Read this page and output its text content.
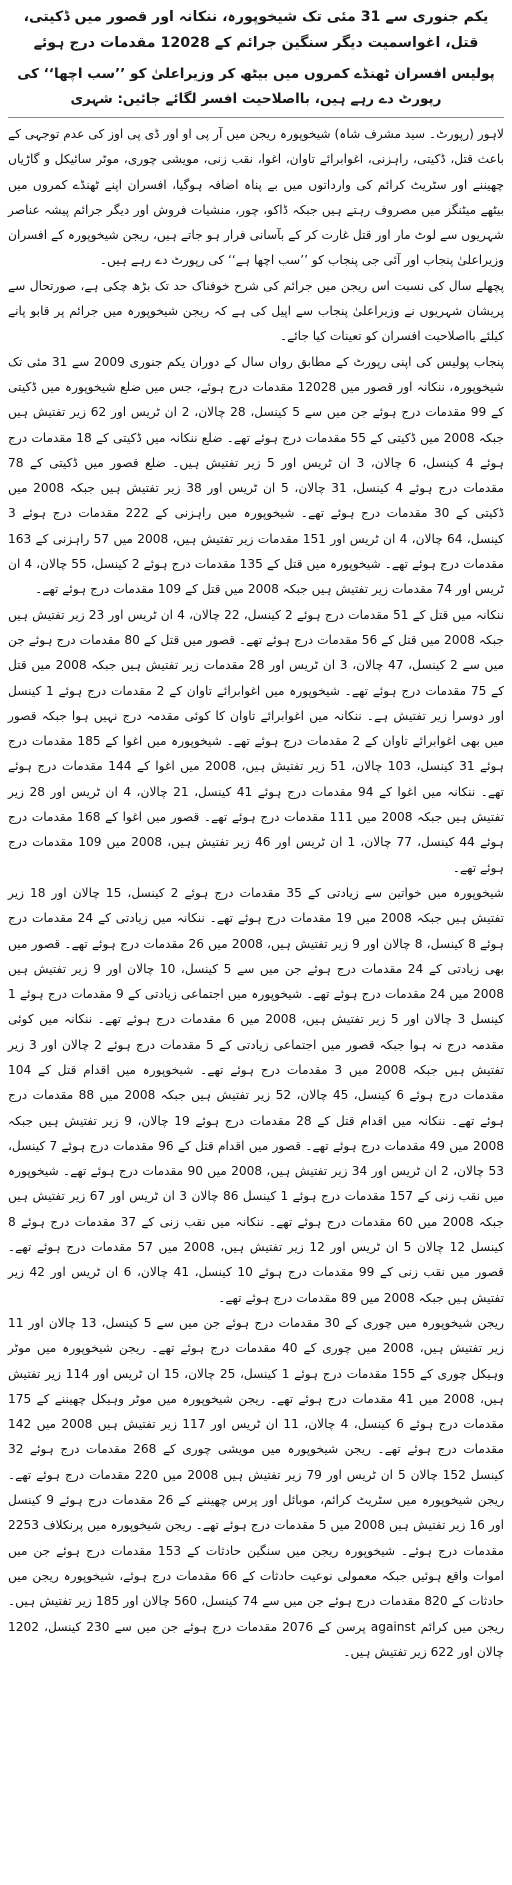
یکم جنوری سے 31 مئی تک شیخوپورہ، ننکانہ اور قصور میں ڈکیتی، قتل، اغواسمیت دیگر سنگین جرائم کے 12028 مقدمات درج ہوئے
پولیس افسران ٹھنڈے کمروں میں بیٹھ کر وزیراعلیٰ کو ’’سب اچھا‘‘ کی رپورٹ دے رہے ہیں، بااصلاحیت افسر لگائے جائیں: شہری

لاہور (رپورٹ۔ سید مشرف شاہ) شیخوپورہ ریجن میں آر پی او اور ڈی پی اوز کی عدم توجہی کے باعث قتل، ڈکیتی، راہزنی، اغوابرائے تاوان، اغوا، نقب زنی، مویشی چوری، موٹر سائیکل و گاڑیاں چھیننے اور سٹریٹ کرائم کی وارداتوں میں بے پناہ اضافہ ہوگیا، افسران اپنے ٹھنڈے کمروں میں بیٹھے میٹنگز میں مصروف رہتے ہیں جبکہ ڈاکو، چور، منشیات فروش اور دیگر جرائم پیشہ عناصر شہریوں سے لوٹ مار اور قتل غارت کر کے بآسانی فرار ہو جاتے ہیں، ریجن شیخوپورہ کے افسران وزیراعلیٰ پنجاب اور آئی جی پنجاب کو ’’سب اچھا ہے‘‘ کی رپورٹ دے رہے ہیں۔

پچھلے سال کی نسبت اس ریجن میں جرائم کی شرح خوفناک حد تک بڑھ چکی ہے، صورتحال سے پریشان شہریوں نے وزیراعلیٰ پنجاب سے اپیل کی ہے کہ ریجن شیخوپورہ میں جرائم پر قابو پانے کیلئے بااصلاحیت افسران کو تعینات کیا جائے۔

پنجاب پولیس کی اپنی رپورٹ کے مطابق رواں سال کے دوران یکم جنوری 2009 سے 31 مئی تک شیخوپورہ، ننکانہ اور قصور میں 12028 مقدمات درج ہوئے، جس میں ضلع شیخوپورہ میں ڈکیتی کے 99 مقدمات درج ہوئے جن میں سے 5 کینسل، 28 چالان، 2 ان ٹریس اور 62 زیر تفتیش ہیں جبکہ 2008 میں ڈکیتی کے 55 مقدمات درج ہوئے تھے۔ ضلع ننکانہ میں ڈکیتی کے 18 مقدمات درج ہوئے 4 کینسل، 6 چالان، 3 ان ٹریس اور 5 زیر تفتیش ہیں۔ ضلع قصور میں ڈکیتی کے 78 مقدمات درج ہوئے 4 کینسل، 31 چالان، 5 ان ٹریس اور 38 زیر تفتیش ہیں جبکہ 2008 میں ڈکیتی کے 30 مقدمات درج ہوئے تھے۔ شیخوپورہ میں راہزنی کے 222 مقدمات درج ہوئے 3 کینسل، 64 چالان، 4 ان ٹریس اور 151 مقدمات زیر تفتیش ہیں، 2008 میں 57 راہزنی کے 163 مقدمات درج ہوئے تھے۔ شیخوپورہ میں قتل کے 135 مقدمات درج ہوئے 2 کینسل، 55 چالان، 4 ان ٹریس اور 74 مقدمات زیر تفتیش ہیں جبکہ 2008 میں قتل کے 109 مقدمات درج ہوئے تھے۔

ننکانہ میں قتل کے 51 مقدمات درج ہوئے 2 کینسل، 22 چالان، 4 ان ٹریس اور 23 زیر تفتیش ہیں جبکہ 2008 میں قتل کے 56 مقدمات درج ہوئے تھے۔ قصور میں قتل کے 80 مقدمات درج ہوئے جن میں سے 2 کینسل، 47 چالان، 3 ان ٹریس اور 28 مقدمات زیر تفتیش ہیں جبکہ 2008 میں قتل کے 75 مقدمات درج ہوئے تھے۔ شیخوپورہ میں اغوابرائے تاوان کے 2 مقدمات درج ہوئے 1 کینسل اور دوسرا زیر تفتیش ہے۔ ننکانہ میں اغوابرائے تاوان کا کوئی مقدمہ درج نہیں ہوا جبکہ قصور میں بھی اغوابرائے تاوان کے 2 مقدمات درج ہوئے تھے۔ شیخوپورہ میں اغوا کے 185 مقدمات درج ہوئے 31 کینسل، 103 چالان، 51 زیر تفتیش ہیں، 2008 میں اغوا کے 144 مقدمات درج ہوئے تھے۔ ننکانہ میں اغوا کے 94 مقدمات درج ہوئے 41 کینسل، 21 چالان، 4 ان ٹریس اور 28 زیر تفتیش ہیں جبکہ 2008 میں 111 مقدمات درج ہوئے تھے۔ قصور میں اغوا کے 168 مقدمات درج ہوئے 44 کینسل، 77 چالان، 1 ان ٹریس اور 46 زیر تفتیش ہیں، 2008 میں 109 مقدمات درج ہوئے تھے۔

شیخوپورہ میں خواتین سے زیادتی کے 35 مقدمات درج ہوئے 2 کینسل، 15 چالان اور 18 زیر تفتیش ہیں جبکہ 2008 میں 19 مقدمات درج ہوئے تھے۔ ننکانہ میں زیادتی کے 24 مقدمات درج ہوئے 8 کینسل، 8 چالان اور 9 زیر تفتیش ہیں، 2008 میں 26 مقدمات درج ہوئے تھے۔ قصور میں بھی زیادتی کے 24 مقدمات درج ہوئے جن میں سے 5 کینسل، 10 چالان اور 9 زیر تفتیش ہیں 2008 میں 24 مقدمات درج ہوئے تھے۔ شیخوپورہ میں اجتماعی زیادتی کے 9 مقدمات درج ہوئے 1 کینسل 3 چالان اور 5 زیر تفتیش ہیں، 2008 میں 6 مقدمات درج ہوئے تھے۔ ننکانہ میں کوئی مقدمہ درج نہ ہوا جبکہ قصور میں اجتماعی زیادتی کے 5 مقدمات درج ہوئے 2 چالان اور 3 زیر تفتیش ہیں جبکہ 2008 میں 3 مقدمات درج ہوئے تھے۔ شیخوپورہ میں اقدام قتل کے 104 مقدمات درج ہوئے 6 کینسل، 45 چالان، 52 زیر تفتیش ہیں جبکہ 2008 میں 88 مقدمات درج ہوئے تھے۔ ننکانہ میں اقدام قتل کے 28 مقدمات درج ہوئے 19 چالان، 9 زیر تفتیش ہیں جبکہ 2008 میں 49 مقدمات درج ہوئے تھے۔ قصور میں اقدام قتل کے 96 مقدمات درج ہوئے 7 کینسل، 53 چالان، 2 ان ٹریس اور 34 زیر تفتیش ہیں، 2008 میں 90 مقدمات درج ہوئے تھے۔ شیخوپورہ میں نقب زنی کے 157 مقدمات درج ہوئے 1 کینسل 86 چالان 3 ان ٹریس اور 67 زیر تفتیش ہیں جبکہ 2008 میں 60 مقدمات درج ہوئے تھے۔ ننکانہ میں نقب زنی کے 37 مقدمات درج ہوئے 8 کینسل 12 چالان 5 ان ٹریس اور 12 زیر تفتیش ہیں، 2008 میں 57 مقدمات درج ہوئے تھے۔ قصور میں نقب زنی کے 99 مقدمات درج ہوئے 10 کینسل، 41 چالان، 6 ان ٹریس اور 42 زیر تفتیش ہیں جبکہ 2008 میں 89 مقدمات درج ہوئے تھے۔

ریجن شیخوپورہ میں چوری کے 30 مقدمات درج ہوئے جن میں سے 5 کینسل، 13 چالان اور 11 زیر تفتیش ہیں، 2008 میں چوری کے 40 مقدمات درج ہوئے تھے۔ ریجن شیخوپورہ میں موٹر وہیکل چوری کے 155 مقدمات درج ہوئے 1 کینسل، 25 چالان، 15 ان ٹریس اور 114 زیر تفتیش ہیں، 2008 میں 41 مقدمات درج ہوئے تھے۔ ریجن شیخوپورہ میں موٹر وہیکل چھیننے کے 175 مقدمات درج ہوئے 6 کینسل، 4 چالان، 11 ان ٹریس اور 117 زیر تفتیش ہیں 2008 میں 142 مقدمات درج ہوئے تھے۔ ریجن شیخوپورہ میں مویشی چوری کے 268 مقدمات درج ہوئے 32 کینسل 152 چالان 5 ان ٹریس اور 79 زیر تفتیش ہیں 2008 میں 220 مقدمات درج ہوئے تھے۔ ریجن شیخوپورہ میں سٹریٹ کرائم، موبائل اور پرس چھیننے کے 26 مقدمات درج ہوئے 9 کینسل اور 16 زیر تفتیش ہیں 2008 میں 5 مقدمات درج ہوئے تھے۔ ریجن شیخوپورہ میں پرنکلاف 2253 مقدمات درج ہوئے۔ شیخوپورہ ریجن میں سنگین حادثات کے 153 مقدمات درج ہوئے جن میں اموات واقع ہوئیں جبکہ معمولی نوعیت حادثات کے 66 مقدمات درج ہوئے، شیخوپورہ ریجن میں حادثات کے 820 مقدمات درج ہوئے جن میں سے 74 کینسل، 560 چالان اور 185 زیر تفتیش ہیں۔ ریجن میں کرائم against پرسن کے 2076 مقدمات درج ہوئے جن میں سے 230 کینسل، 1202 چالان اور 622 زیر تفتیش ہیں۔
